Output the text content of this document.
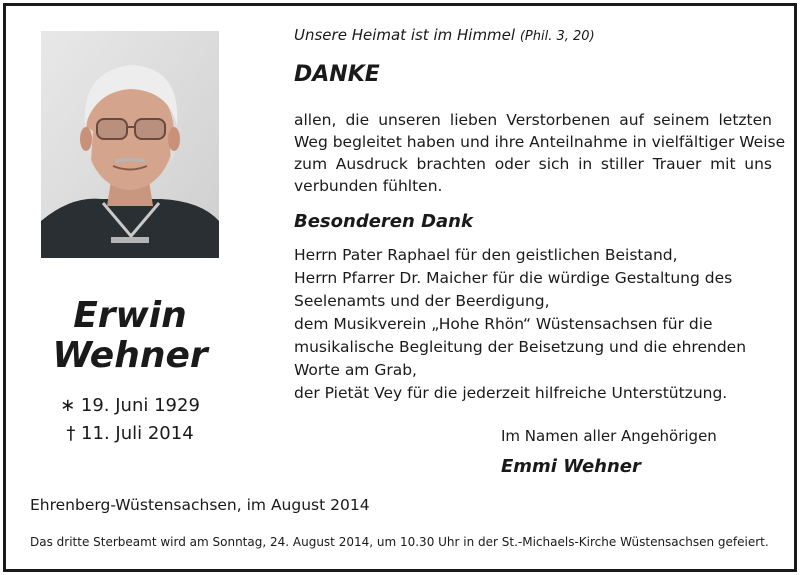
Erwin
Wehner
∗ 19. Juni 1929
† 11. Juli 2014
Unsere Heimat ist im Himmel (Phil. 3, 20)
DANKE
allen, die unseren lieben Verstorbenen auf seinem letzten
Weg begleitet haben und ihre Anteilnahme in vielfältiger Weise
zum Ausdruck brachten oder sich in stiller Trauer mit uns
verbunden fühlten.
Besonderen Dank
Herrn Pater Raphael für den geistlichen Beistand,
Herrn Pfarrer Dr. Maicher für die würdige Gestaltung des
Seelenamts und der Beerdigung,
dem Musikverein „Hohe Rhön“ Wüstensachsen für die
musikalische Begleitung der Beisetzung und die ehrenden
Worte am Grab,
der Pietät Vey für die jederzeit hilfreiche Unterstützung.
Im Namen aller Angehörigen
Emmi Wehner
Ehrenberg-Wüstensachsen, im August 2014
Das dritte Sterbeamt wird am Sonntag, 24. August 2014, um 10.30 Uhr in der St.-Michaels-Kirche Wüstensachsen gefeiert.
